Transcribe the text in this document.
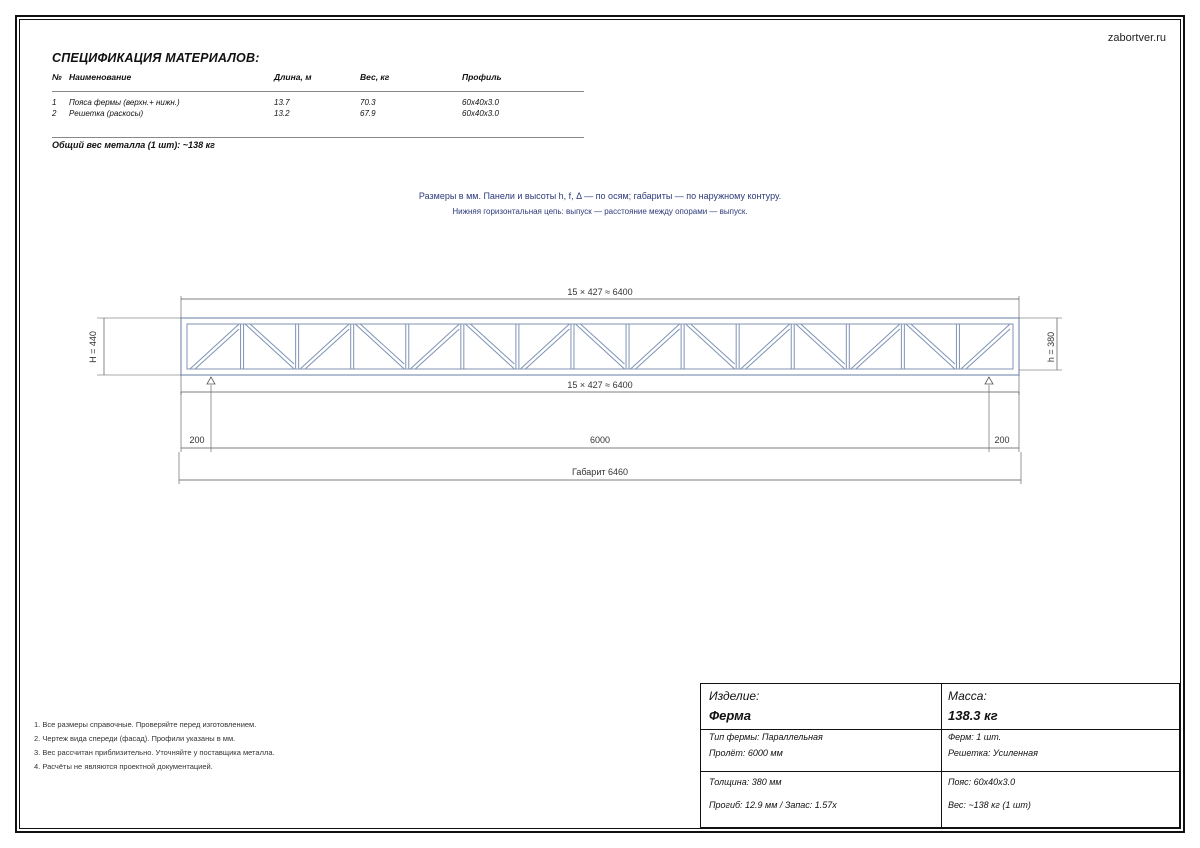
zabortver.ru
СПЕЦИФИКАЦИЯ МАТЕРИАЛОВ:
№ Наименование	Длина, м	Вес, кг	Профиль
1 Пояса фермы (верхн.+ нижн.)	13.7	70.3	60x40x3.0
2 Решетка (раскосы)	13.2	67.9	60x40x3.0
Общий вес металла (1 шт): ~138 кг
Размеры в мм. Панели и высоты h, f, Δ — по осям; габариты — по наружному контуру.
Нижняя горизонтальная цепь: выпуск — расстояние между опорами — выпуск.
15 × 427 ≈ 6400
15 × 427 ≈ 6400
H = 440	h = 380
200	6000	200
Габарит 6460
1. Все размеры справочные. Проверяйте перед изготовлением.
2. Чертеж вида спереди (фасад). Профили указаны в мм.
3. Вес рассчитан приблизительно. Уточняйте у поставщика металла.
4. Расчёты не являются проектной документацией.
Изделие:
Ферма
Масса:
138.3 кг
Тип фермы: Параллельная
Пролёт: 6000 мм
Ферм: 1 шт.
Решетка: Усиленная
Толщина: 380 мм
Прогиб: 12.9 мм / Запас: 1.57x
Пояс: 60x40x3.0
Вес: ~138 кг (1 шт)
